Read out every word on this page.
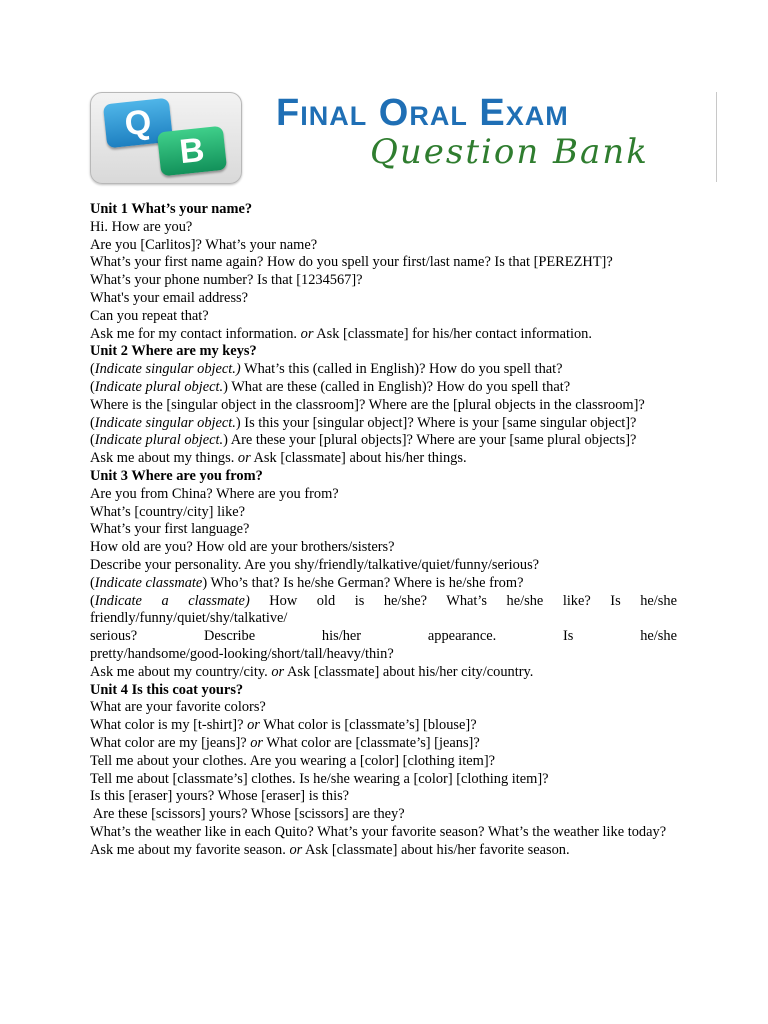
Q
B
Final Oral Exam
Question Bank
Unit 1 What’s your name?
Hi. How are you?
Are you [Carlitos]? What’s your name?
What’s your first name again? How do you spell your first/last name? Is that [PEREZHT]?
What’s your phone number? Is that [1234567]?
What's your email address?
Can you repeat that?
Ask me for my contact information. or Ask [classmate] for his/her contact information.
Unit 2 Where are my keys?
(Indicate singular object.) What’s this (called in English)? How do you spell that?
(Indicate plural object.) What are these (called in English)? How do you spell that?
Where is the [singular object in the classroom]? Where are the [plural objects in the classroom]?
(Indicate singular object.) Is this your [singular object]? Where is your [same singular object]?
(Indicate plural object.) Are these your [plural objects]? Where are your [same plural objects]?
Ask me about my things. or Ask [classmate] about his/her things.
Unit 3 Where are you from?
Are you from China? Where are you from?
What’s [country/city] like?
What’s your first language?
How old are you? How old are your brothers/sisters?
Describe your personality. Are you shy/friendly/talkative/quiet/funny/serious?
(Indicate classmate) Who’s that? Is he/she German? Where is he/she from?
(Indicate a classmate) How old is he/she? What’s he/she like? Is he/she
friendly/funny/quiet/shy/talkative/
serious? Describe his/her appearance. Is he/she
pretty/handsome/good-looking/short/tall/heavy/thin?
Ask me about my country/city. or Ask [classmate] about his/her city/country.
Unit 4 Is this coat yours?
What are your favorite colors?
What color is my [t-shirt]? or What color is [classmate’s] [blouse]?
What color are my [jeans]? or What color are [classmate’s] [jeans]?
Tell me about your clothes. Are you wearing a [color] [clothing item]?
Tell me about [classmate’s] clothes. Is he/she wearing a [color] [clothing item]?
Is this [eraser] yours? Whose [eraser] is this?
Are these [scissors] yours? Whose [scissors] are they?
What’s the weather like in each Quito? What’s your favorite season? What’s the weather like today?
Ask me about my favorite season. or Ask [classmate] about his/her favorite season.
